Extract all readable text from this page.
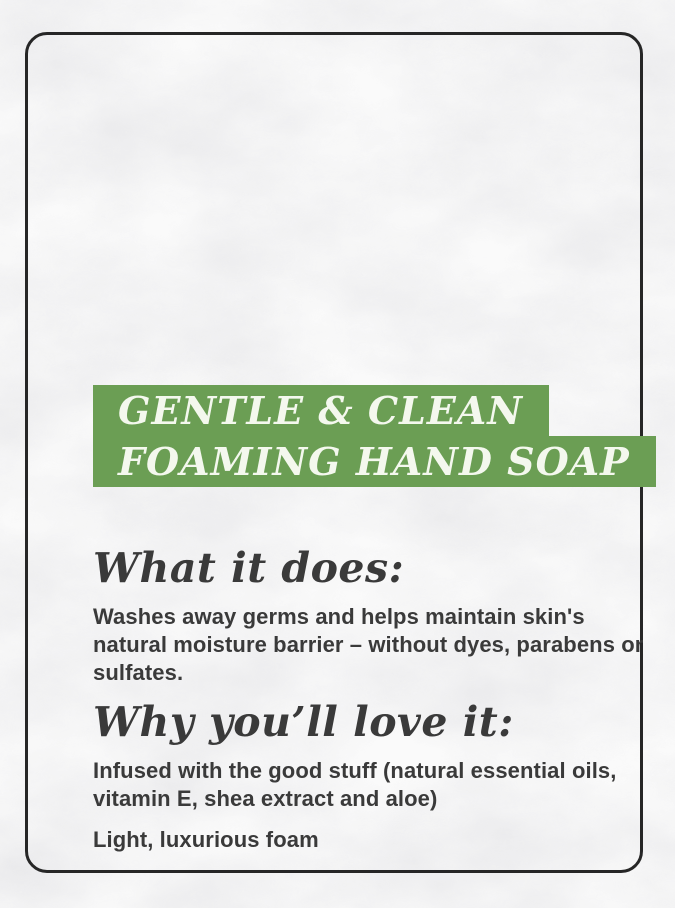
GENTLE & CLEAN
FOAMING HAND SOAP
What it does:

Washes away germs and helps maintain skin's natural moisture barrier – without dyes, parabens or sulfates.

Why you’ll love it:

Infused with the good stuff (natural essential oils, vitamin E, shea extract and aloe)

Light, luxurious foam
